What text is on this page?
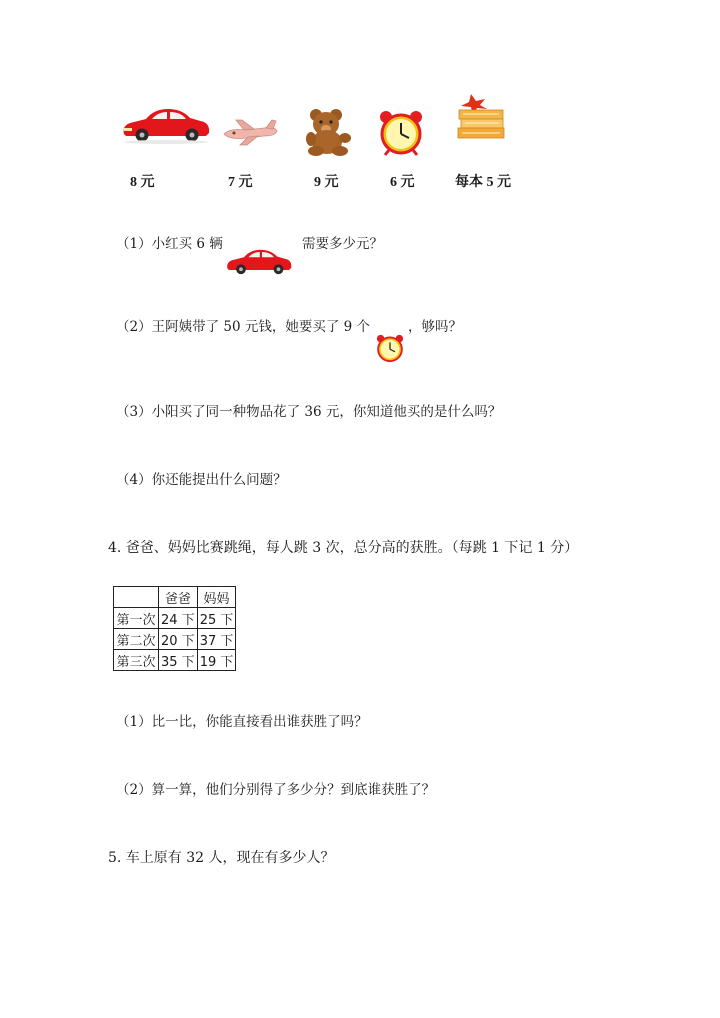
8 元	7 元	9 元	6 元	每本 5 元
（1）小红买 6 辆	需要多少元？
（2）王阿姨带了 50 元钱，她要买了 9 个	，够吗？
（3）小阳买了同一种物品花了 36 元，你知道他买的是什么吗？
（4）你还能提出什么问题？
4. 爸爸、妈妈比赛跳绳，每人跳 3 次，总分高的获胜。（每跳 1 下记 1 分）
	爸爸	妈妈
第一次	24 下	25 下
第二次	20 下	37 下
第三次	35 下	19 下
（1）比一比，你能直接看出谁获胜了吗？
（2）算一算，他们分别得了多少分？到底谁获胜了？
5. 车上原有 32 人，现在有多少人？
